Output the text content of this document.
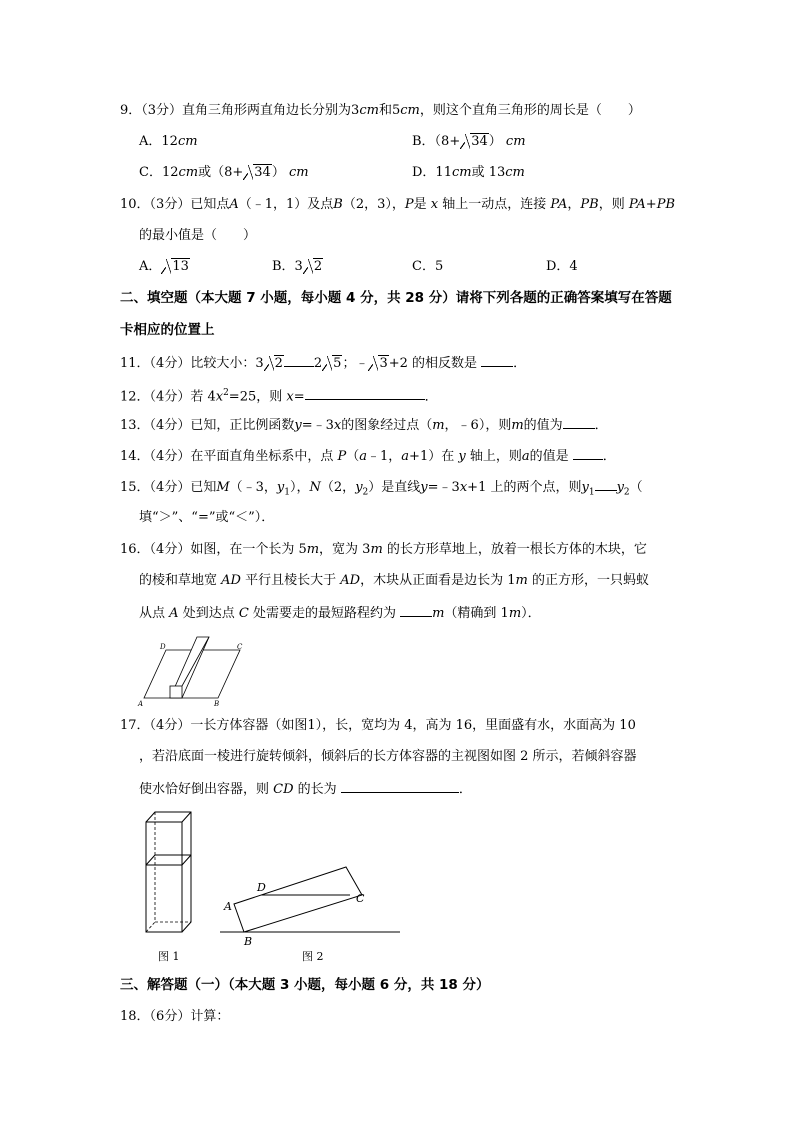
9．（3分）直角三角形两直角边长分别为3cm和5cm，则这个直角三角形的周长是（　　）
A．12cm	B．（8+ 34） cm
C．12cm或（8+ 34） cm	D．11cm或 13cm
10．（3分）已知点A（﹣1，1）及点B（2，3），P是 x 轴上一动点，连接 PA，PB，则 PA+PB
的最小值是（　　）
A． 13	B．3 2	C．5	D．4
二、填空题（本大题 7 小题，每小题 4 分，共 28 分）请将下列各题的正确答案填写在答题
卡相应的位置上
11．（4分）比较大小：3 2 2 5；﹣ 3+2 的相反数是	．
12．（4分）若 $4x^2=25$，则 x=	．
13．（4分）已知，正比例函数y=﹣3x的图象经过点（m，﹣6），则m的值为 ．
14．（4分）在平面直角坐标系中，点 P（a﹣1，a+1）在 y 轴上，则a的值是	．
15．（4分）已知M（﹣3，$y_1$），N（2，$y_2$）是直线y=﹣3x+1 上的两个点，则$y_1$ $y_2$（
填“＞”、“=”或“＜”）．
16．（4分）如图，在一个长为 5m，宽为 3m 的长方形草地上，放着一根长方体的木块，它
的棱和草地宽 AD 平行且棱长大于 AD，木块从正面看是边长为 1m 的正方形，一只蚂蚁
从点 A 处到达点 C 处需要走的最短路程约为	m（精确到 1m）．
D	C
A	B
17．（4分）一长方体容器（如图1），长，宽均为 4，高为 16，里面盛有水，水面高为 10
，若沿底面一棱进行旋转倾斜，倾斜后的长方体容器的主视图如图 2 所示，若倾斜容器
使水恰好倒出容器，则 CD 的长为	．
D
A
C
B
图 1	图 2
三、解答题（一）（本大题 3 小题，每小题 6 分，共 18 分）
18．（6分）计算：
